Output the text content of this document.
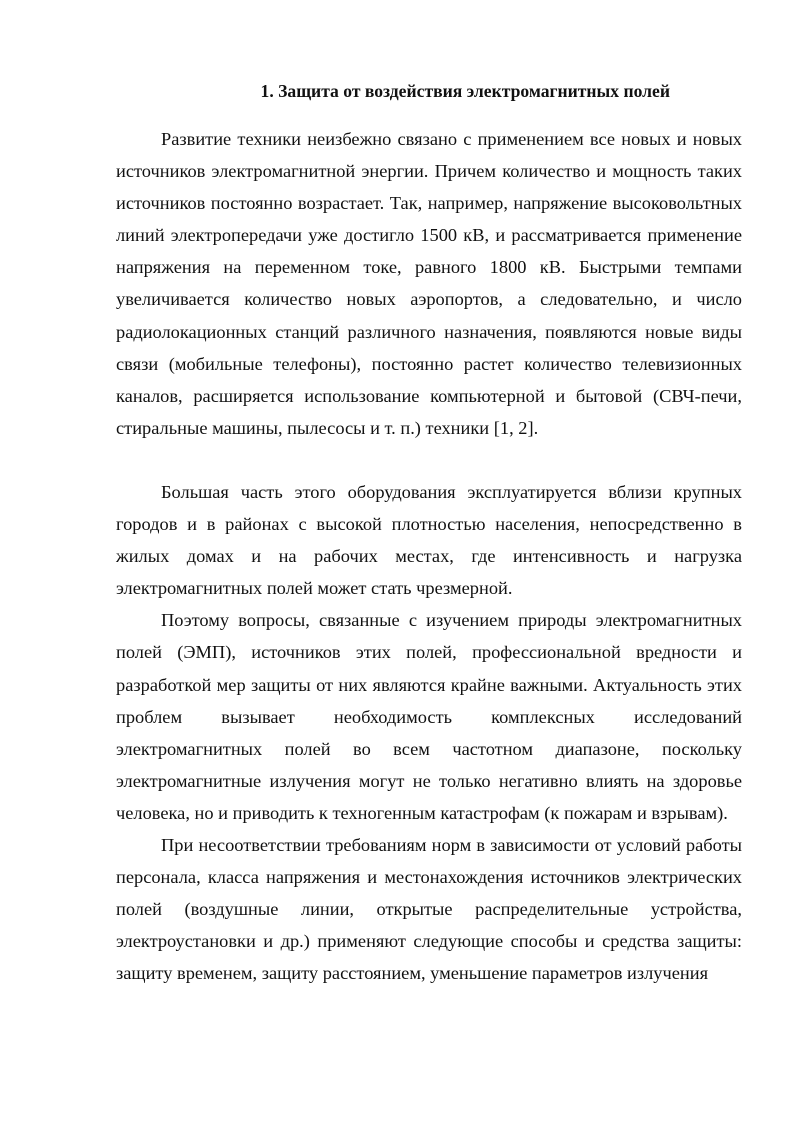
1. Защита от воздействия электромагнитных полей

Развитие техники неизбежно связано с применением все новых и новых источников электромагнитной энергии. Причем количество и мощность таких источников постоянно возрастает. Так, например, напряжение высоковольтных линий электропередачи уже достигло 1500 кВ, и рассматривается применение напряжения на переменном токе, равного 1800 кВ. Быстрыми темпами увеличивается количество новых аэропортов, а следовательно, и число радиолокационных станций различного назначения, появляются новые виды связи (мобильные телефоны), постоянно растет количество телевизионных каналов, расширяется использование компьютерной и бытовой (СВЧ-печи, стиральные машины, пылесосы и т. п.) техники [1, 2].

Большая часть этого оборудования эксплуатируется вблизи крупных городов и в районах с высокой плотностью населения, непосредственно в жилых домах и на рабочих местах, где интенсивность и нагрузка электромагнитных полей может стать чрезмерной.

Поэтому вопросы, связанные с изучением природы электромагнитных полей (ЭМП), источников этих полей, профессиональной вредности и разработкой мер защиты от них являются крайне важными. Актуальность этих проблем вызывает необходимость комплексных исследований электромагнитных полей во всем частотном диапазоне, поскольку электромагнитные излучения могут не только негативно влиять на здоровье человека, но и приводить к техногенным катастрофам (к пожарам и взрывам).

При несоответствии требованиям норм в зависимости от условий работы персонала, класса напряжения и местонахождения источников электрических полей (воздушные линии, открытые распределительные устройства, электроустановки и др.) применяют следующие способы и средства защиты: защиту временем, защиту расстоянием, уменьшение параметров излучения
